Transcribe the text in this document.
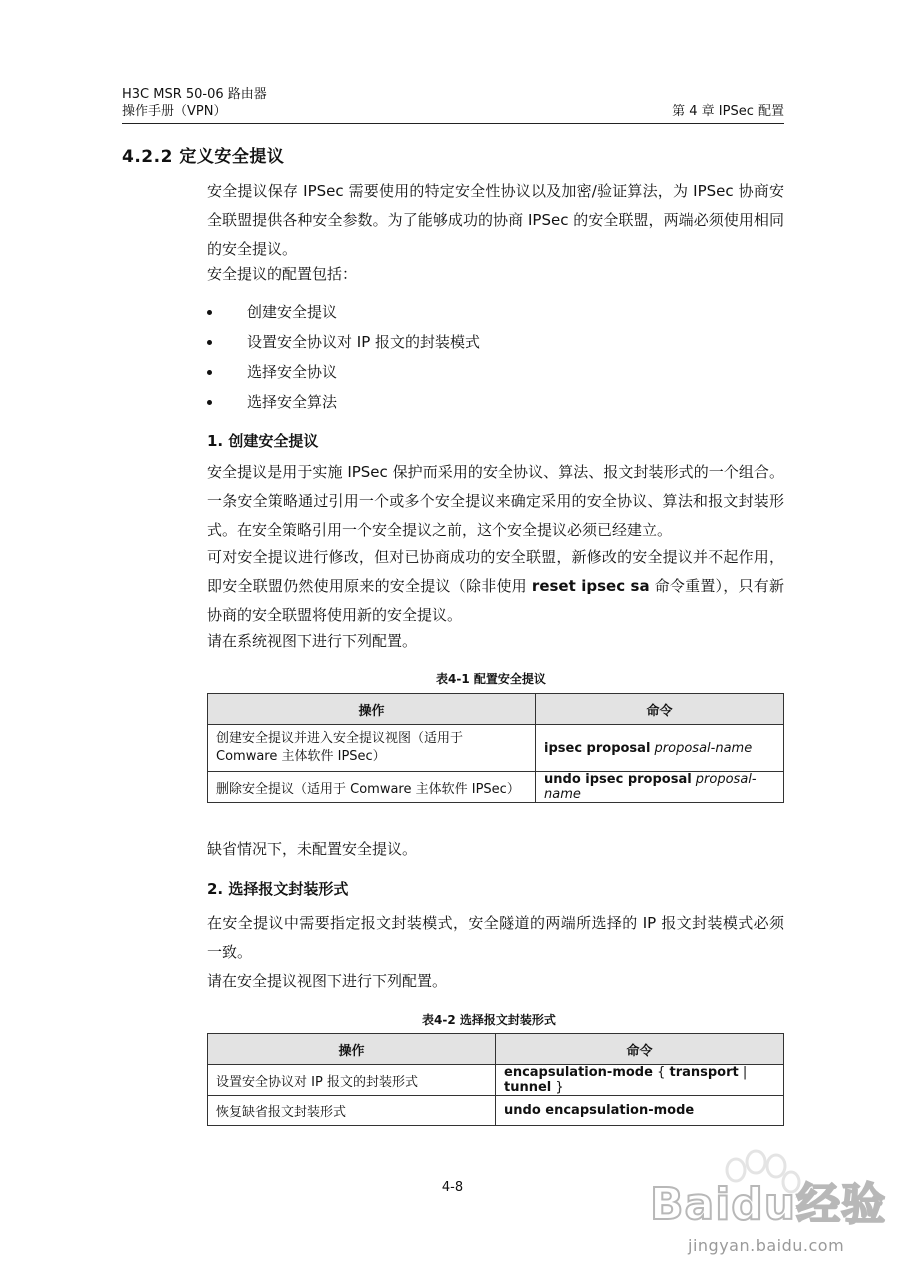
H3C MSR 50-06 路由器
操作手册（VPN）	第 4 章 IPSec 配置
4.2.2 定义安全提议
安全提议保存 IPSec 需要使用的特定安全性协议以及加密/验证算法，为 IPSec 协商安全联盟提供各种安全参数。为了能够成功的协商 IPSec 的安全联盟，两端必须使用相同的安全提议。
安全提议的配置包括：
创建安全提议
设置安全协议对 IP 报文的封装模式
选择安全协议
选择安全算法
1. 创建安全提议
安全提议是用于实施 IPSec 保护而采用的安全协议、算法、报文封装形式的一个组合。一条安全策略通过引用一个或多个安全提议来确定采用的安全协议、算法和报文封装形式。在安全策略引用一个安全提议之前，这个安全提议必须已经建立。
可对安全提议进行修改，但对已协商成功的安全联盟，新修改的安全提议并不起作用，即安全联盟仍然使用原来的安全提议（除非使用 reset ipsec sa 命令重置），只有新协商的安全联盟将使用新的安全提议。
请在系统视图下进行下列配置。
表4-1 配置安全提议
操作	命令
创建安全提议并进入安全提议视图（适用于 Comware 主体软件 IPSec）	ipsec proposal proposal-name
删除安全提议（适用于 Comware 主体软件 IPSec）	undo ipsec proposal proposal-name
缺省情况下，未配置安全提议。
2. 选择报文封装形式
在安全提议中需要指定报文封装模式，安全隧道的两端所选择的 IP 报文封装模式必须一致。
请在安全提议视图下进行下列配置。
表4-2 选择报文封装形式
操作	命令
设置安全协议对 IP 报文的封装形式	encapsulation-mode { transport | tunnel }
恢复缺省报文封装形式	undo encapsulation-mode
4-8	Baidu经验
jingyan.baidu.com
